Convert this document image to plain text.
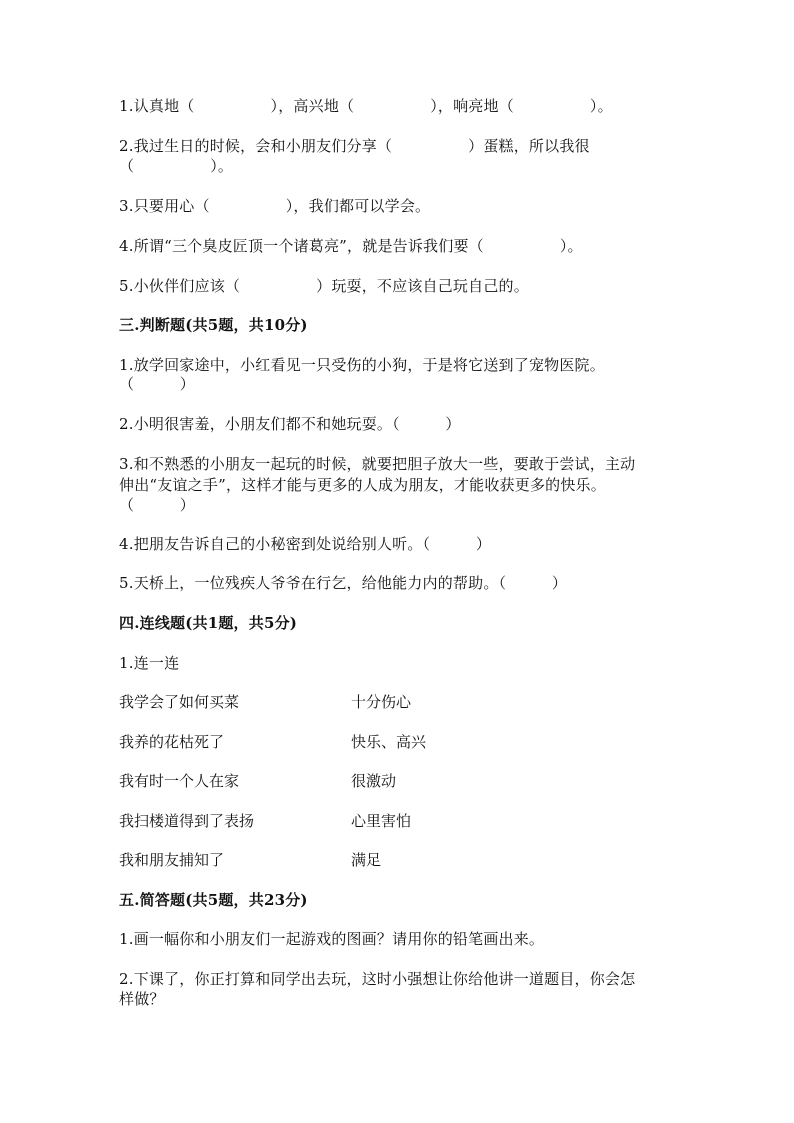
1.认真地（　　　　　），高兴地（　　　　　），响亮地（　　　　　）。
2.我过生日的时候，会和小朋友们分享（　　　　　）蛋糕，所以我很
（　　　　　）。
3.只要用心（　　　　　），我们都可以学会。
4.所谓“三个臭皮匠顶一个诸葛亮”，就是告诉我们要（　　　　　）。
5.小伙伴们应该（　　　　　）玩耍，不应该自己玩自己的。
三.判断题(共5题，共10分)
1.放学回家途中，小红看见一只受伤的小狗，于是将它送到了宠物医院。
（　　　）
2.小明很害羞，小朋友们都不和她玩耍。（　　　）
3.和不熟悉的小朋友一起玩的时候，就要把胆子放大一些，要敢于尝试，主动
伸出“友谊之手”，这样才能与更多的人成为朋友，才能收获更多的快乐。
（　　　）
4.把朋友告诉自己的小秘密到处说给别人听。（　　　）
5.天桥上，一位残疾人爷爷在行乞，给他能力内的帮助。（　　　）
四.连线题(共1题，共5分)
1.连一连
我学会了如何买菜	十分伤心
我养的花枯死了	快乐、高兴
我有时一个人在家	很激动
我扫楼道得到了表扬	心里害怕
我和朋友捕知了	满足
五.简答题(共5题，共23分)
1.画一幅你和小朋友们一起游戏的图画？请用你的铅笔画出来。
2.下课了，你正打算和同学出去玩，这时小强想让你给他讲一道题目，你会怎
样做？
